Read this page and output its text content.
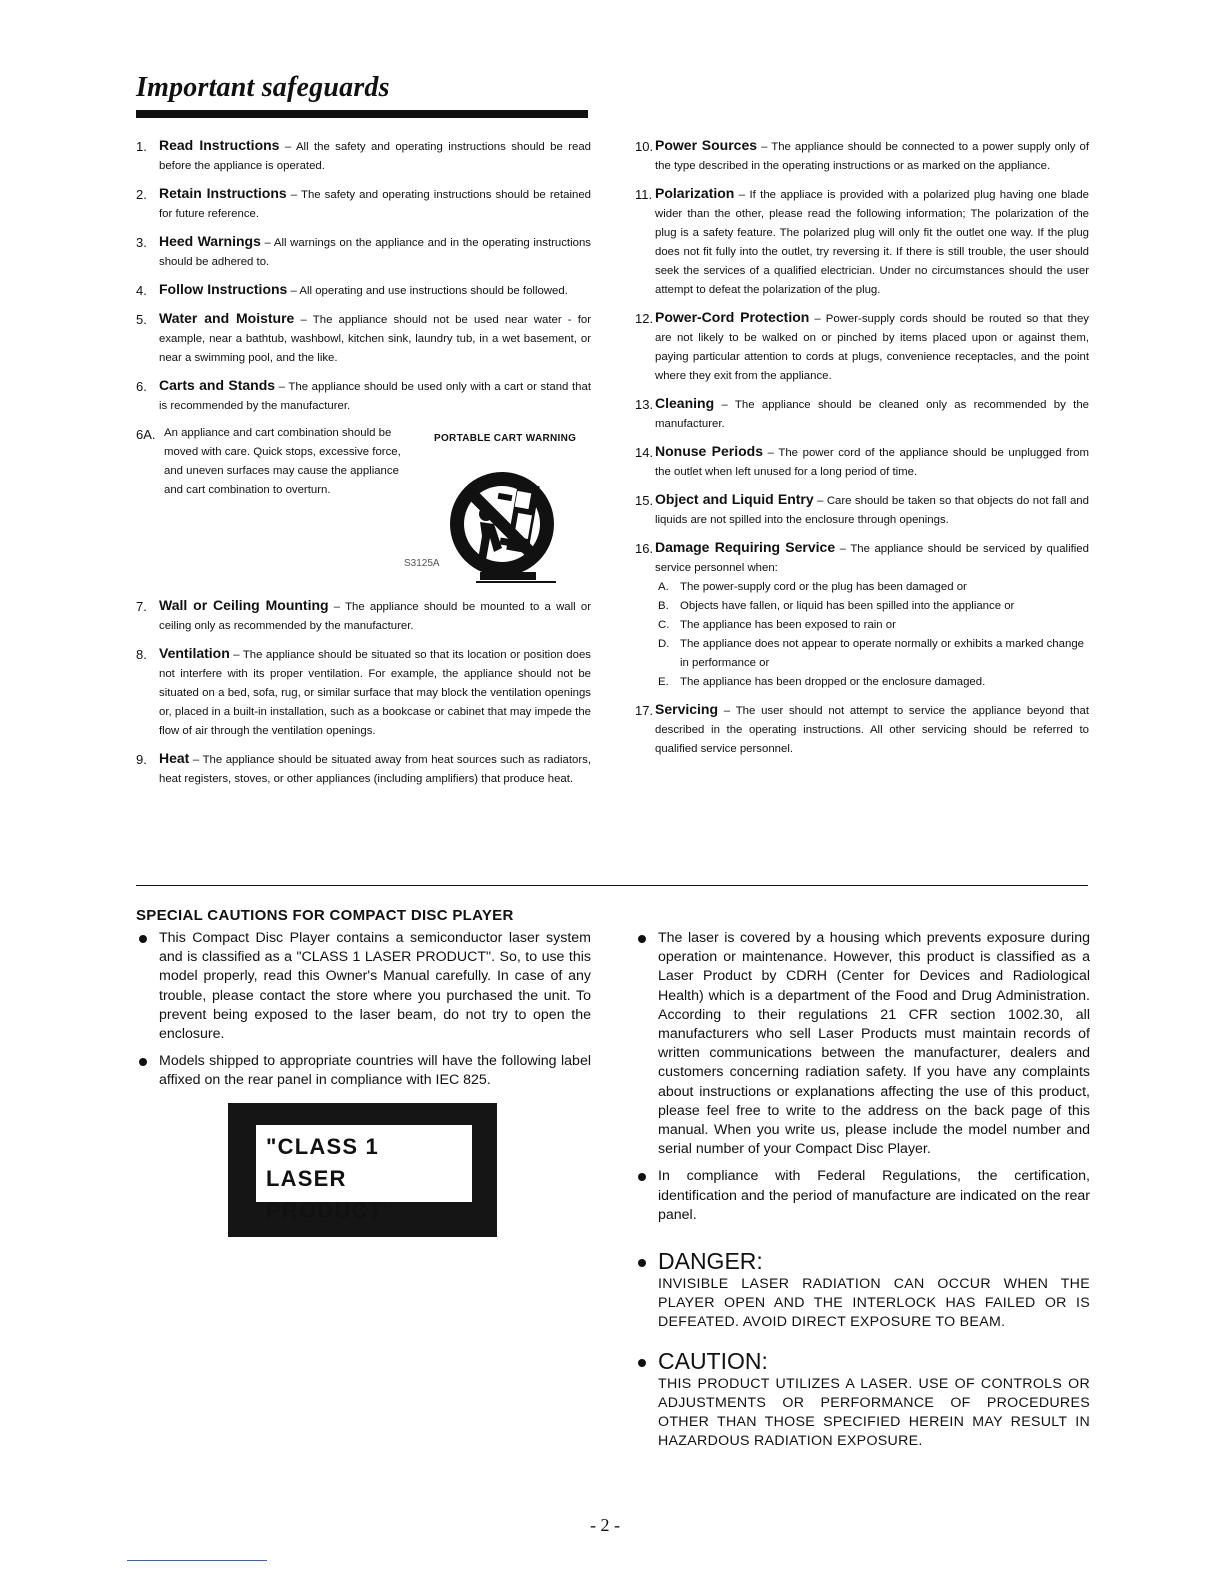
Important safeguards
1. Read Instructions – All the safety and operating instructions should be read before the appliance is operated.

2. Retain Instructions – The safety and operating instructions should be retained for future reference.

3. Heed Warnings – All warnings on the appliance and in the operating instructions should be adhered to.

4. Follow Instructions – All operating and use instructions should be followed.

5. Water and Moisture – The appliance should not be used near water - for example, near a bathtub, washbowl, kitchen sink, laundry tub, in a wet basement, or near a swimming pool, and the like.

6. Carts and Stands – The appliance should be used only with a cart or stand that is recommended by the manufacturer.

6A. An appliance and cart combination should be moved with care. Quick stops, excessive force, and uneven surfaces may cause the appliance and cart combination to overturn.

PORTABLE CART WARNING
S3125A
7. Wall or Ceiling Mounting – The appliance should be mounted to a wall or ceiling only as recommended by the manufacturer.

8. Ventilation – The appliance should be situated so that its location or position does not interfere with its proper ventilation. For example, the appliance should not be situated on a bed, sofa, rug, or similar surface that may block the ventilation openings or, placed in a built-in installation, such as a bookcase or cabinet that may impede the flow of air through the ventilation openings.

9. Heat – The appliance should be situated away from heat sources such as radiators, heat registers, stoves, or other appliances (including amplifiers) that produce heat.

10. Power Sources – The appliance should be connected to a power supply only of the type described in the operating instructions or as marked on the appliance.

11. Polarization – If the appliace is provided with a polarized plug having one blade wider than the other, please read the following information; The polarization of the plug is a safety feature. The polarized plug will only fit the outlet one way. If the plug does not fit fully into the outlet, try reversing it. If there is still trouble, the user should seek the services of a qualified electrician. Under no circumstances should the user attempt to defeat the polarization of the plug.

12. Power-Cord Protection – Power-supply cords should be routed so that they are not likely to be walked on or pinched by items placed upon or against them, paying particular attention to cords at plugs, convenience receptacles, and the point where they exit from the appliance.

13. Cleaning – The appliance should be cleaned only as recommended by the manufacturer.

14. Nonuse Periods – The power cord of the appliance should be unplugged from the outlet when left unused for a long period of time.

15. Object and Liquid Entry – Care should be taken so that objects do not fall and liquids are not spilled into the enclosure through openings.

16. Damage Requiring Service – The appliance should be serviced by qualified service personnel when:

A. The power-supply cord or the plug has been damaged or
B. Objects have fallen, or liquid has been spilled into the appliance or
C. The appliance has been exposed to rain or
D. The appliance does not appear to operate normally or exhibits a marked change in performance or
E. The appliance has been dropped or the enclosure damaged.
17. Servicing – The user should not attempt to service the appliance beyond that described in the operating instructions. All other servicing should be referred to qualified service personnel.

SPECIAL CAUTIONS FOR COMPACT DISC PLAYER

This Compact Disc Player contains a semiconductor laser system and is classified as a "CLASS 1 LASER PRODUCT". So, to use this model properly, read this Owner's Manual carefully. In case of any trouble, please contact the store where you purchased the unit. To prevent being exposed to the laser beam, do not try to open the enclosure.

Models shipped to appropriate countries will have the following label affixed on the rear panel in compliance with IEC 825.

"CLASS 1 LASER
PRODUCT"

The laser is covered by a housing which prevents exposure during operation or maintenance. However, this product is classified as a Laser Product by CDRH (Center for Devices and Radiological Health) which is a department of the Food and Drug Administration. According to their regulations 21 CFR section 1002.30, all manufacturers who sell Laser Products must maintain records of written communications between the manufacturer, dealers and customers concerning radiation safety. If you have any complaints about instructions or explanations affecting the use of this product, please feel free to write to the address on the back page of this manual. When you write us, please include the model number and serial number of your Compact Disc Player.

In compliance with Federal Regulations, the certification, identification and the period of manufacture are indicated on the rear panel.

DANGER:
INVISIBLE LASER RADIATION CAN OCCUR WHEN THE PLAYER OPEN AND THE INTERLOCK HAS FAILED OR IS DEFEATED. AVOID DIRECT EXPOSURE TO BEAM.
CAUTION:
THIS PRODUCT UTILIZES A LASER. USE OF CONTROLS OR ADJUSTMENTS OR PERFORMANCE OF PROCEDURES OTHER THAN THOSE SPECIFIED HEREIN MAY RESULT IN HAZARDOUS RADIATION EXPOSURE.
- 2 -
